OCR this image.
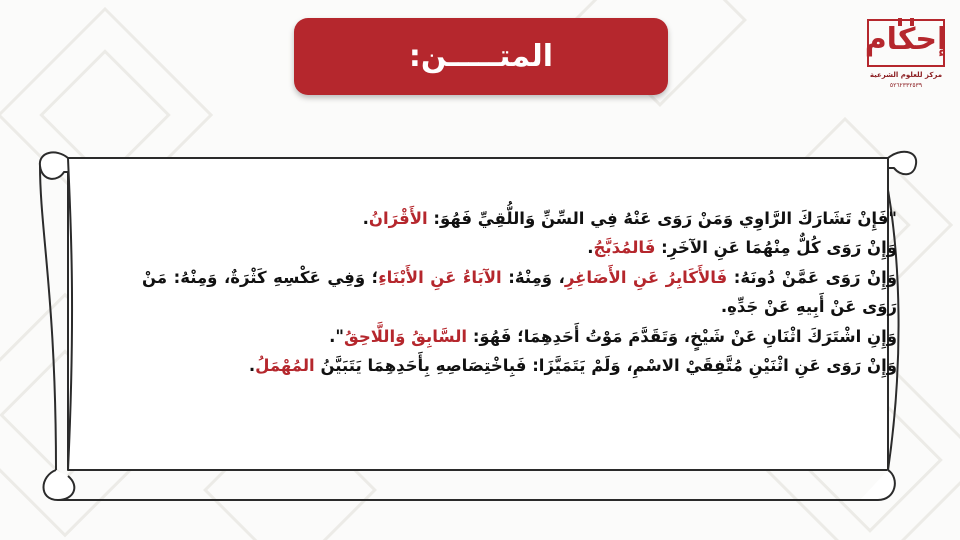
المتـــــن:	إحكام
مركز للعلوم الشرعية
٥٢٦٢٣٣٢٥٣٩

"فَإِنْ تَشَارَكَ الرَّاوِي وَمَنْ رَوَى عَنْهُ فِي السِّنِّ وَاللُّقِيِّ فَهُوَ: الأَقْرَانُ.

وَإِنْ رَوَى كُلٌّ مِنْهُمَا عَنِ الآخَرِ: فَالمُدَبَّجُ.

وَإِنْ رَوَى عَمَّنْ دُونَهُ: فَالأَكَابِرُ عَنِ الأَصَاغِرِ، وَمِنْهُ: الآبَاءُ عَنِ الأَبْنَاءِ؛ وَفِي عَكْسِهِ كَثْرَةٌ، وَمِنْهُ: مَنْ رَوَى عَنْ أَبِيهِ عَنْ جَدِّهِ.

وَإِنِ اشْتَرَكَ اثْنَانِ عَنْ شَيْخٍ، وَتَقَدَّمَ مَوْتُ أَحَدِهِمَا؛ فَهُوَ: السَّابِقُ وَاللَّاحِقُ".

وَإِنْ رَوَى عَنِ اثْنَيْنِ مُتَّفِقَيْ الاسْمِ، وَلَمْ يَتَمَيَّزَا: فَبِاخْتِصَاصِهِ بِأَحَدِهِمَا يَتَبَيَّنُ المُهْمَلُ.
